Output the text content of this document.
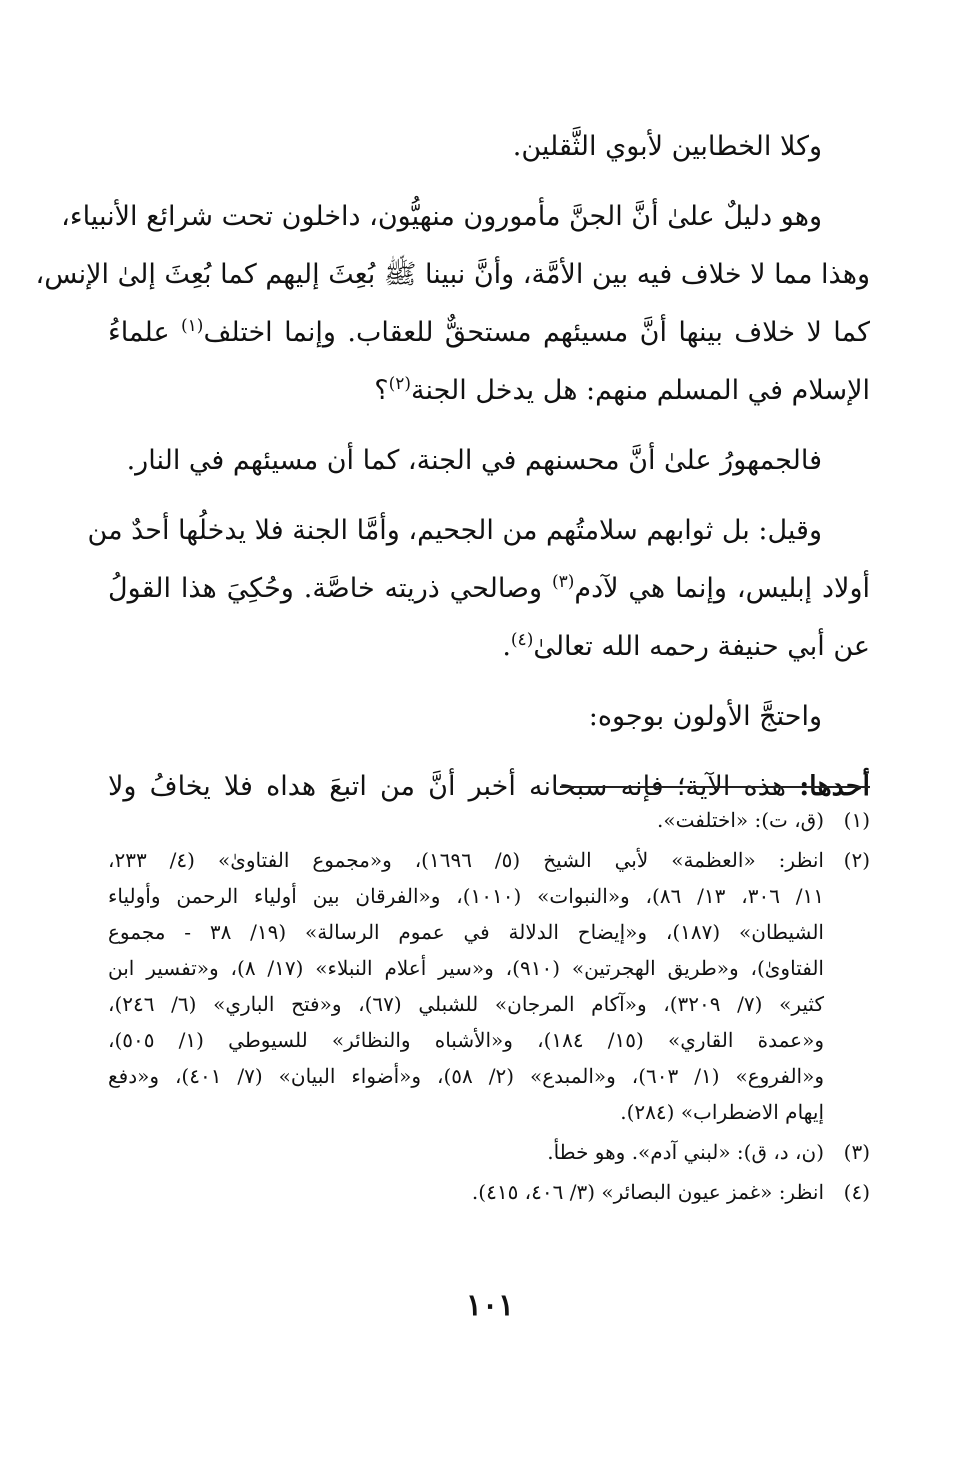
وكلا الخطابين لأبوي الثَّقلين.
وهو دليلٌ علىٰ أنَّ الجنَّ مأمورون منهيُّون، داخلون تحت شرائع الأنبياء،
وهذا مما لا خلاف فيه بين الأمَّة، وأنَّ نبينا ﷺ بُعِثَ إليهم كما بُعِثَ إلىٰ الإنس،
كما لا خلاف بينها أنَّ مسيئهم مستحقٌّ للعقاب. وإنما اختلف$^{(١)}$ علماءُ
الإسلام في المسلم منهم: هل يدخل الجنة$^{(٢)}$؟
فالجمهورُ علىٰ أنَّ محسنهم في الجنة، كما أن مسيئهم في النار.
وقيل: بل ثوابهم سلامتُهم من الجحيم، وأمَّا الجنة فلا يدخلُها أحدٌ من
أولاد إبليس، وإنما هي لآدم$^{(٣)}$ وصالحي ذريته خاصَّة. وحُكِيَ هذا القولُ
عن أبي حنيفة رحمه الله تعالىٰ$^{(٤)}$.
واحتجَّ الأولون بوجوه:
أحدها: هذه الآية؛ فإنه سبحانه أخبر أنَّ من اتبعَ هداه فلا يخافُ ولا
(١)
(ق، ت): «اختلفت».
(٢)
انظر: «العظمة» لأبي الشيخ (٥/ ١٦٩٦)، و«مجموع الفتاوىٰ» (٤/ ٢٣٣،
١١/ ٣٠٦، ١٣/ ٨٦)، و«النبوات» (١٠١٠)، و«الفرقان بين أولياء الرحمن وأولياء
الشيطان» (١٨٧)، و«إيضاح الدلالة في عموم الرسالة» (١٩/ ٣٨ - مجموع
الفتاوىٰ)، و«طريق الهجرتين» (٩١٠)، و«سير أعلام النبلاء» (١٧/ ٨)، و«تفسير ابن
كثير» (٧/ ٣٢٠٩)، و«آكام المرجان» للشبلي (٦٧)، و«فتح الباري» (٦/ ٢٤٦)،
و«عمدة القاري» (١٥/ ١٨٤)، و«الأشباه والنظائر» للسيوطي (١/ ٥٠٥)،
و«الفروع» (١/ ٦٠٣)، و«المبدع» (٢/ ٥٨)، و«أضواء البيان» (٧/ ٤٠١)، و«دفع
إيهام الاضطراب» (٢٨٤).
(٣)
(ن، د، ق): «لبني آدم». وهو خطأ.
(٤)
انظر: «غمز عيون البصائر» (٣/ ٤٠٦، ٤١٥).
١٠١
